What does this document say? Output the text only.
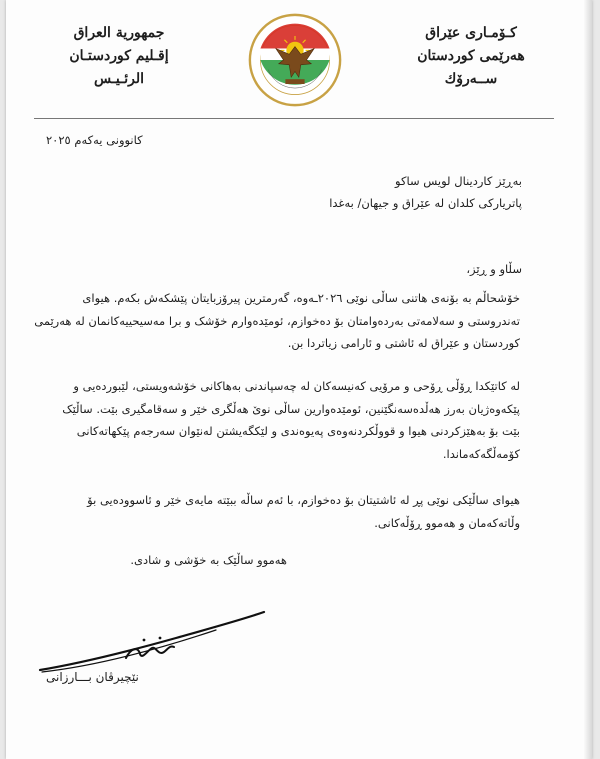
جمهورية العراق
إقـليم كوردستـان
الرئـيـس
كـۆمـاری عێراق
هەرێمی کوردستان
ســەرۆك
کانوونی یەکەم ٢٠٢٥
بەڕێز کاردینال لویس ساکو
پاتریارکی کلدان لە عێراق و جیهان/ بەغدا
سڵاو و ڕێز،
خۆشحاڵم بە بۆنەی هاتنی ساڵی نوێی ٢٠٢٦ـەوە، گەرمترین پیرۆزبایتان پێشکەش بکەم. هیوای
تەندروستی و سەلامەتی بەردەوامتان بۆ دەخوازم، ئومێدەوارم خۆشک و برا مەسیحییەکانمان لە هەرێمی
کوردستان و عێراق لە ئاشتی و ئارامی زیاتردا بن.
لە کاتێکدا ڕۆڵی ڕۆحی و مرۆیی کەنیسەکان لە چەسپاندنی بەهاکانی خۆشەویستی، لێبوردەیی و
پێکەوەژیان بەرز هەڵدەسەنگێنین، ئومێدەوارین ساڵی نوێ هەڵگری خێر و سەقامگیری بێت. ساڵێک
بێت بۆ بەهێزکردنی هیوا و قووڵکردنەوەی پەیوەندی و لێکگەیشتن لەنێوان سەرجەم پێکهاتەکانی
کۆمەڵگەکەماندا.
هیوای ساڵێکی نوێی پڕ لە ئاشتیتان بۆ دەخوازم، با ئەم ساڵە ببێتە مایەی خێر و ئاسوودەیی بۆ
وڵاتەکەمان و هەموو ڕۆڵەکانی.
هەموو ساڵێک بە خۆشی و شادی.
نێچیرڤان بـــارزانی
